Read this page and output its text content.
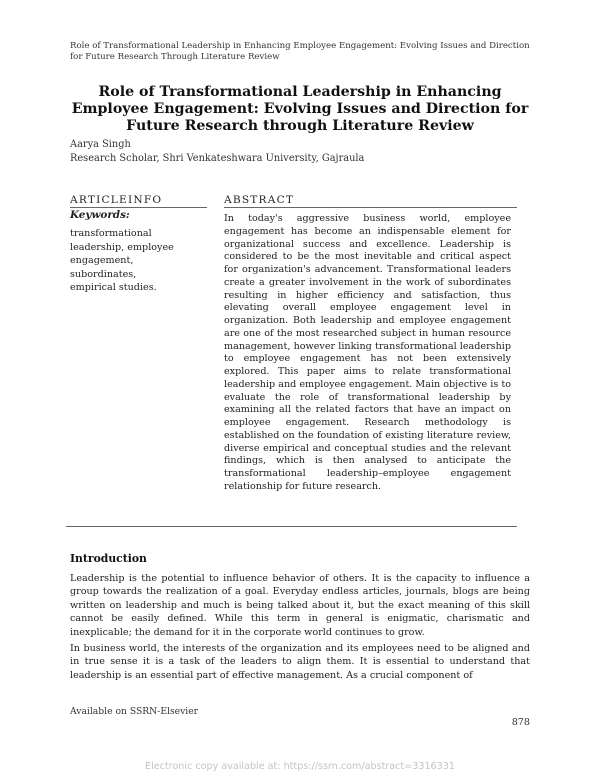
Role of Transformational Leadership in Enhancing Employee Engagement: Evolving Issues and Direction for Future Research Through Literature Review
Role of Transformational Leadership in Enhancing Employee Engagement: Evolving Issues and Direction for Future Research through Literature Review
Aarya Singh
Research Scholar, Shri Venkateshwara University, Gajraula
ARTICLEINFO
Keywords:
transformational leadership, employee engagement, subordinates, empirical studies.
ABSTRACT
In today's aggressive business world, employee engagement has become an indispensable element for organizational success and excellence. Leadership is considered to be the most inevitable and critical aspect for organization's advancement. Transformational leaders create a greater involvement in the work of subordinates resulting in higher efficiency and satisfaction, thus elevating overall employee engagement level in organization. Both leadership and employee engagement are one of the most researched subject in human resource management, however linking transformational leadership to employee engagement has not been extensively explored. This paper aims to relate transformational leadership and employee engagement. Main objective is to evaluate the role of transformational leadership by examining all the related factors that have an impact on employee engagement. Research methodology is established on the foundation of existing literature review, diverse empirical and conceptual studies and the relevant findings, which is then analysed to anticipate the transformational leadership–employee engagement relationship for future research.
Introduction
Leadership is the potential to influence behavior of others. It is the capacity to influence a group towards the realization of a goal. Everyday endless articles, journals, blogs are being written on leadership and much is being talked about it, but the exact meaning of this skill cannot be easily defined. While this term in general is enigmatic, charismatic and inexplicable; the demand for it in the corporate world continues to grow.
In business world, the interests of the organization and its employees need to be aligned and in true sense it is a task of the leaders to align them. It is essential to understand that leadership is an essential part of effective management. As a crucial component of
Available on SSRN-Elsevier
878
Electronic copy available at: https://ssrn.com/abstract=3316331
